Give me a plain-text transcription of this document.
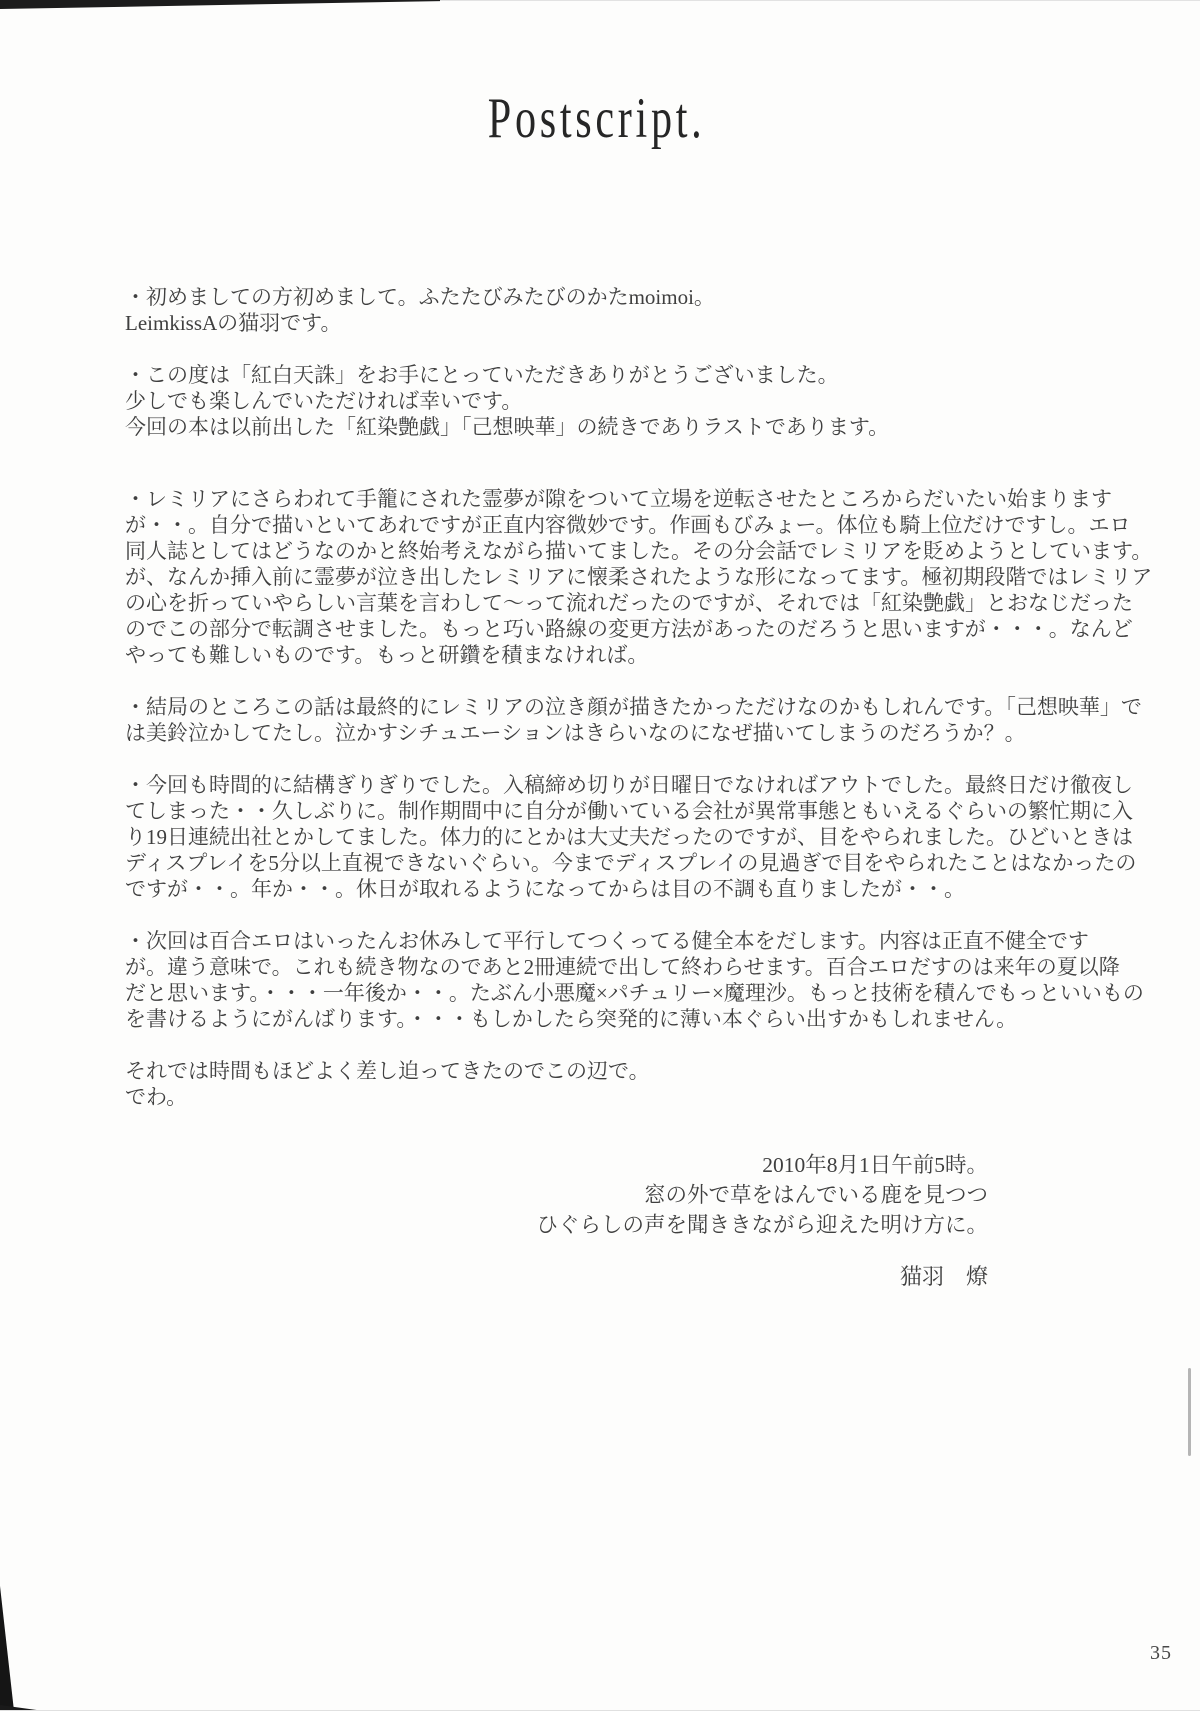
Postscript.

・初めましての方初めまして。ふたたびみたびのかたmoimoi。
LeimkissAの猫羽です。

・この度は「紅白天誅」をお手にとっていただきありがとうございました。
少しでも楽しんでいただければ幸いです。
今回の本は以前出した「紅染艶戯」「己想映華」の続きでありラストであります。

・レミリアにさらわれて手籠にされた霊夢が隙をついて立場を逆転させたところからだいたい始まります
が・・。自分で描いといてあれですが正直内容微妙です。作画もびみょー。体位も騎上位だけですし。エロ
同人誌としてはどうなのかと終始考えながら描いてました。その分会話でレミリアを貶めようとしています。
が、なんか挿入前に霊夢が泣き出したレミリアに懐柔されたような形になってます。極初期段階ではレミリア
の心を折っていやらしい言葉を言わして～って流れだったのですが、それでは「紅染艶戯」とおなじだった
のでこの部分で転調させました。もっと巧い路線の変更方法があったのだろうと思いますが・・・。なんど
やっても難しいものです。もっと研鑽を積まなければ。

・結局のところこの話は最終的にレミリアの泣き顔が描きたかっただけなのかもしれんです。「己想映華」で
は美鈴泣かしてたし。泣かすシチュエーションはきらいなのになぜ描いてしまうのだろうか？。

・今回も時間的に結構ぎりぎりでした。入稿締め切りが日曜日でなければアウトでした。最終日だけ徹夜し
てしまった・・久しぶりに。制作期間中に自分が働いている会社が異常事態ともいえるぐらいの繁忙期に入
り19日連続出社とかしてました。体力的にとかは大丈夫だったのですが、目をやられました。ひどいときは
ディスプレイを5分以上直視できないぐらい。今までディスプレイの見過ぎで目をやられたことはなかったの
ですが・・。年か・・。休日が取れるようになってからは目の不調も直りましたが・・。

・次回は百合エロはいったんお休みして平行してつくってる健全本をだします。内容は正直不健全です
が。違う意味で。これも続き物なのであと2冊連続で出して終わらせます。百合エロだすのは来年の夏以降
だと思います。・・・一年後か・・。たぶん小悪魔×パチュリー×魔理沙。もっと技術を積んでもっといいもの
を書けるようにがんばります。・・・もしかしたら突発的に薄い本ぐらい出すかもしれません。

それでは時間もほどよく差し迫ってきたのでこの辺で。
でわ。

2010年8月1日午前5時。
窓の外で草をはんでいる鹿を見つつ
ひぐらしの声を聞ききながら迎えた明け方に。
猫羽　燎
35
